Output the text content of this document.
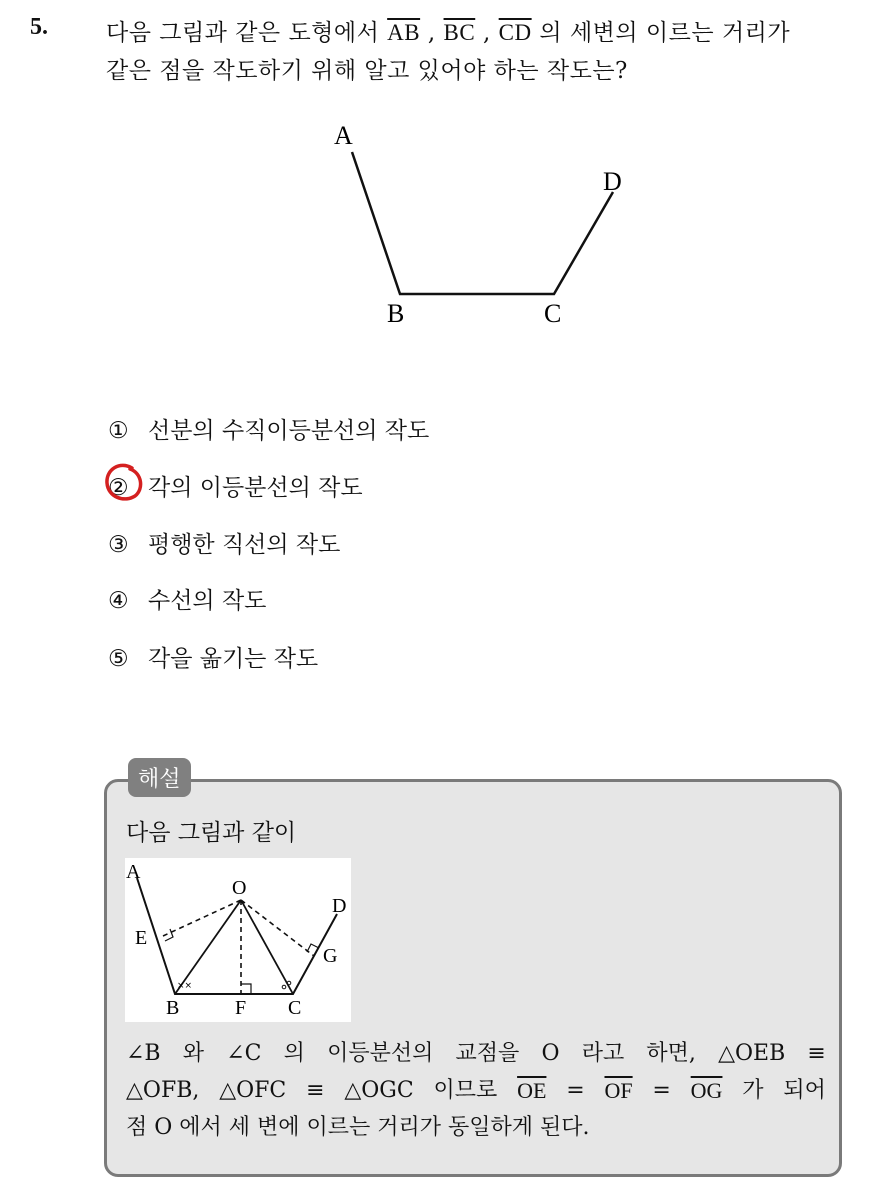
5.	다음 그림과 같은 도형에서 $\overline{AB}$ , $\overline{BC}$ , $\overline{CD}$ 의 세변의 이르는 거리가
같은 점을 작도하기 위해 알고 있어야 하는 작도는?
A
B	C
D
① 선분의 수직이등분선의 작도
② 각의 이등분선의 작도
③ 평행한 직선의 작도
④ 수선의 작도
⑤ 각을 옮기는 작도
해설
다음 그림과 같이
××
A
O
D
E
G
B	F C
∠B 와 ∠C 의 이등분선의 교점을 O 라고 하면, △OEB ≡
△OFB, △OFC ≡ △OGC 이므로 $\overline{OE} = \overline{OF} = \overline{OG}$ 가 되어
점 O 에서 세 변에 이르는 거리가 동일하게 된다.
